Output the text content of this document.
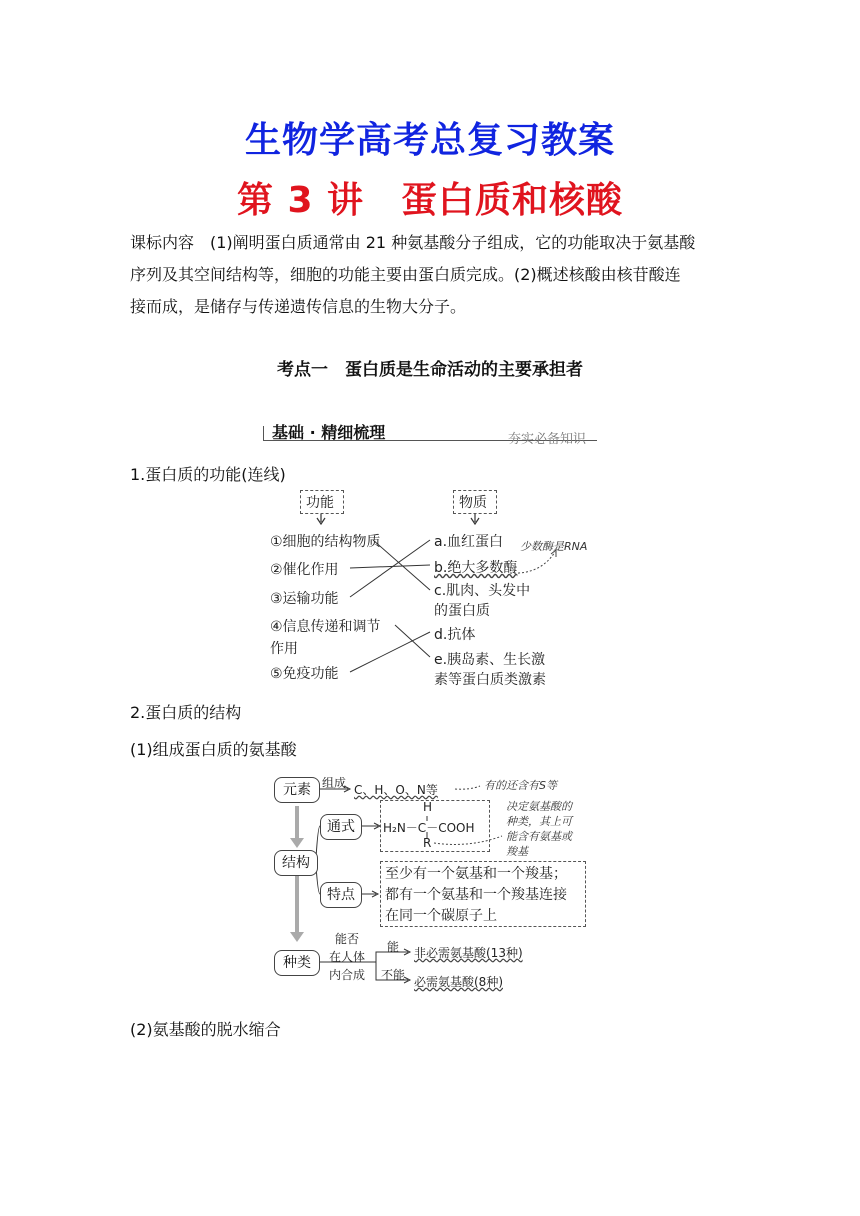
生物学高考总复习教案
第 3 讲　蛋白质和核酸
课标内容　(1)阐明蛋白质通常由 21 种氨基酸分子组成，它的功能取决于氨基酸
序列及其空间结构等，细胞的功能主要由蛋白质完成。(2)概述核酸由核苷酸连
接而成，是储存与传递遗传信息的生物大分子。
考点一　蛋白质是生命活动的主要承担者
基础 · 精细梳理	夯实必备知识
1.蛋白质的功能(连线)
功能	物质
①细胞的结构物质
②催化作用
③运输功能
④信息传递和调节
作用
⑤免疫功能
a.血红蛋白
b.绝大多数酶
c.肌肉、头发中
的蛋白质
d.抗体
e.胰岛素、生长激
素等蛋白质类激素
少数酶是RNA
2.蛋白质的结构
(1)组成蛋白质的氨基酸
元素 组成 C、H、O、N等	有的还含有S等
通式
H
H₂N－C－COOH
R
决定氨基酸的
种类，其上可
能含有氨基或
羧基
结构
特点
至少有一个氨基和一个羧基；
都有一个氨基和一个羧基连接
在同一个碳原子上
种类
能否
在人体
内合成
能
不能
非必需氨基酸(13种)
必需氨基酸(8种)
(2)氨基酸的脱水缩合
